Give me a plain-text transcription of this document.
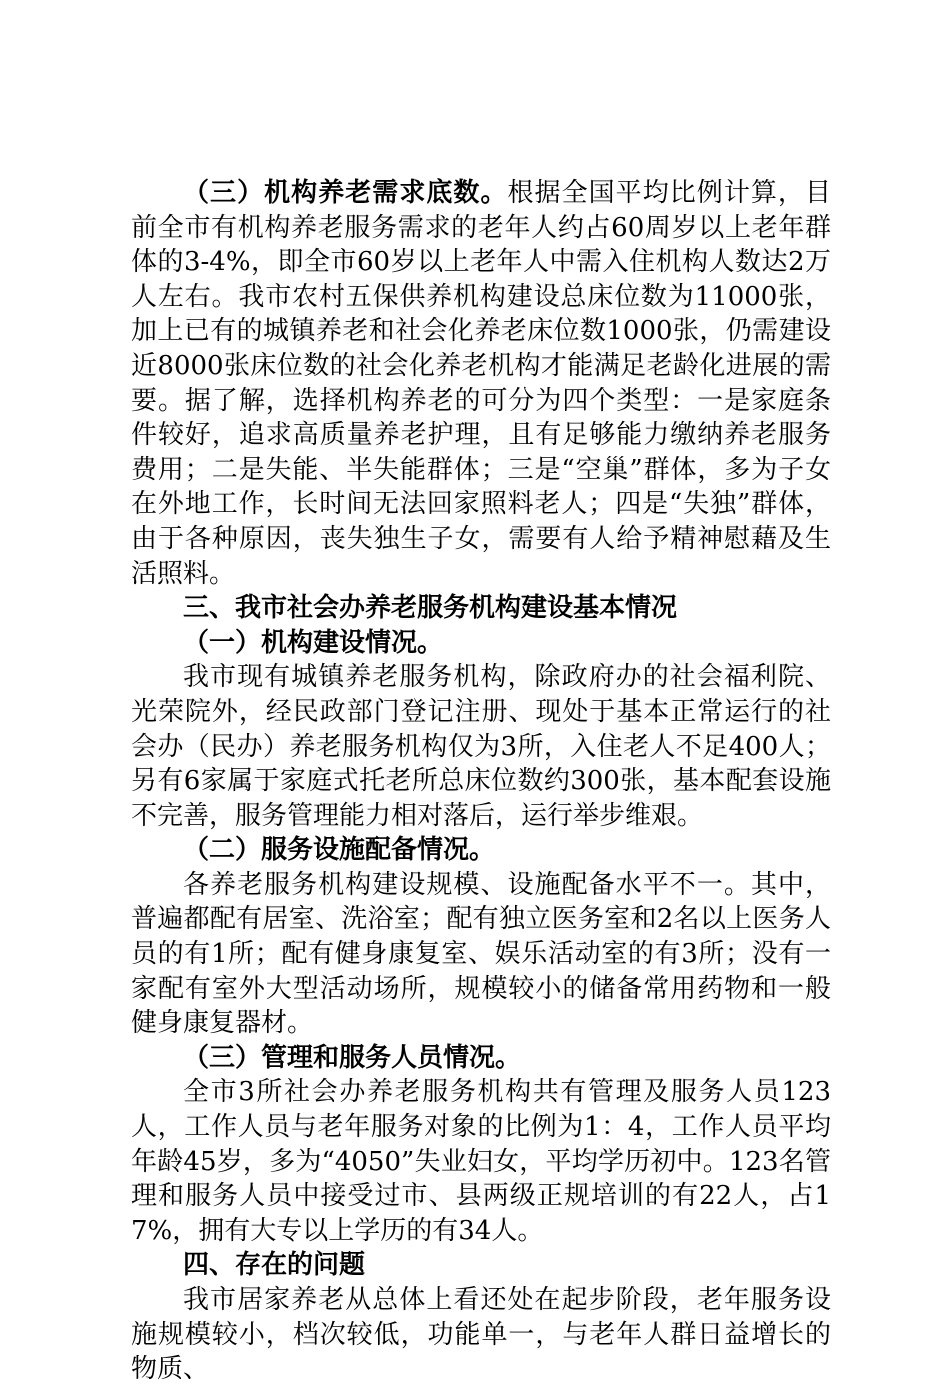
（三）机构养老需求底数。根据全国平均比例计算，目前全市有机构养老服务需求的老年人约占60周岁以上老年群体的3-4%，即全市60岁以上老年人中需入住机构人数达2万人左右。我市农村五保供养机构建设总床位数为11000张，加上已有的城镇养老和社会化养老床位数1000张，仍需建设近8000张床位数的社会化养老机构才能满足老龄化进展的需要。据了解，选择机构养老的可分为四个类型：一是家庭条件较好，追求高质量养老护理，且有足够能力缴纳养老服务费用；二是失能、半失能群体；三是“空巢”群体，多为子女在外地工作，长时间无法回家照料老人；四是“失独”群体，由于各种原因，丧失独生子女，需要有人给予精神慰藉及生活照料。

三、我市社会办养老服务机构建设基本情况

（一）机构建设情况。

我市现有城镇养老服务机构，除政府办的社会福利院、光荣院外，经民政部门登记注册、现处于基本正常运行的社会办（民办）养老服务机构仅为3所，入住老人不足400人；另有6家属于家庭式托老所总床位数约300张，基本配套设施不完善，服务管理能力相对落后，运行举步维艰。

（二）服务设施配备情况。

各养老服务机构建设规模、设施配备水平不一。其中，普遍都配有居室、洗浴室；配有独立医务室和2名以上医务人员的有1所；配有健身康复室、娱乐活动室的有3所；没有一家配有室外大型活动场所，规模较小的储备常用药物和一般健身康复器材。

（三）管理和服务人员情况。

全市3所社会办养老服务机构共有管理及服务人员123人，工作人员与老年服务对象的比例为1：4，工作人员平均年龄45岁，多为“4050”失业妇女，平均学历初中。123名管理和服务人员中接受过市、县两级正规培训的有22人，占17%，拥有大专以上学历的有34人。

四、存在的问题

我市居家养老从总体上看还处在起步阶段，老年服务设施规模较小，档次较低，功能单一，与老年人群日益增长的物质、
